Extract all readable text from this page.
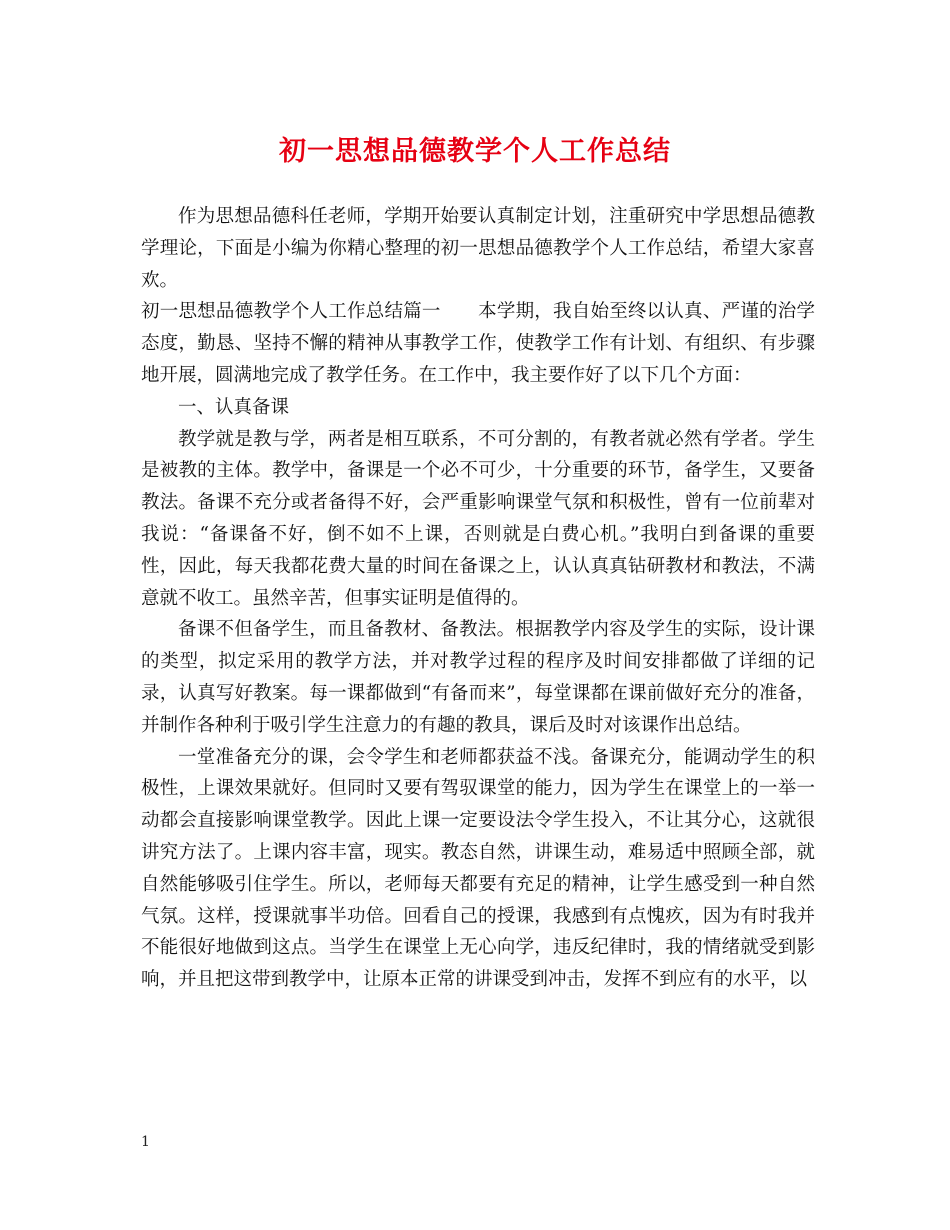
初一思想品德教学个人工作总结

作为思想品德科任老师，学期开始要认真制定计划，注重研究中学思想品德教学理论，下面是小编为你精心整理的初一思想品德教学个人工作总结，希望大家喜欢。

初一思想品德教学个人工作总结篇一　　本学期，我自始至终以认真、严谨的治学态度，勤恳、坚持不懈的精神从事教学工作，使教学工作有计划、有组织、有步骤地开展，圆满地完成了教学任务。在工作中，我主要作好了以下几个方面：

一、认真备课

教学就是教与学，两者是相互联系，不可分割的，有教者就必然有学者。学生是被教的主体。教学中，备课是一个必不可少，十分重要的环节，备学生，又要备教法。备课不充分或者备得不好，会严重影响课堂气氛和积极性，曾有一位前辈对我说：“备课备不好，倒不如不上课，否则就是白费心机。”我明白到备课的重要性，因此，每天我都花费大量的时间在备课之上，认认真真钻研教材和教法，不满意就不收工。虽然辛苦，但事实证明是值得的。

备课不但备学生，而且备教材、备教法。根据教学内容及学生的实际，设计课的类型，拟定采用的教学方法，并对教学过程的程序及时间安排都做了详细的记录，认真写好教案。每一课都做到“有备而来”，每堂课都在课前做好充分的准备，并制作各种利于吸引学生注意力的有趣的教具，课后及时对该课作出总结。

一堂准备充分的课，会令学生和老师都获益不浅。备课充分，能调动学生的积极性，上课效果就好。但同时又要有驾驭课堂的能力，因为学生在课堂上的一举一动都会直接影响课堂教学。因此上课一定要设法令学生投入，不让其分心，这就很讲究方法了。上课内容丰富，现实。教态自然，讲课生动，难易适中照顾全部，就自然能够吸引住学生。所以，老师每天都要有充足的精神，让学生感受到一种自然气氛。这样，授课就事半功倍。回看自己的授课，我感到有点愧疚，因为有时我并不能很好地做到这点。当学生在课堂上无心向学，违反纪律时，我的情绪就受到影响，并且把这带到教学中，让原本正常的讲课受到冲击，发挥不到应有的水平，以

1
